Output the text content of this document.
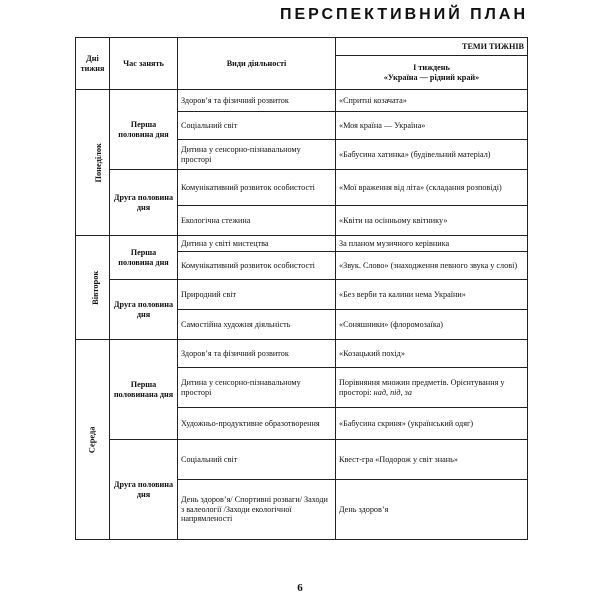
ПЕРСПЕКТИВНИЙ ПЛАН
Дні тижня	Час занять	Види діяльності	ТЕМИ ТИЖНІВ

			І тиждень
«Україна — рідний край»

Понеділок	Перша половина дня	Здоров’я та фізичний розвиток	«Спритні козачата»
		Соціальний світ	«Моя країна — Україна»
		Дитина у сенсорно-пізнавальному просторі	«Бабусина хатинка» (будівельний матеріал)
	Друга половина дня	Комунікативний розвиток особистості	«Мої враження від літа» (складання розповіді)
		Екологічна стежина	«Квіти на осінньому квітнику»
Вівторок	Перша половина дня	Дитина у світі мистецтва	За планом музичного керівника
		Комунікативний розвиток особистості	«Звук. Слово» (знаходження певного звука у слові)
	Друга половина дня	Природний світ	«Без верби та калини нема України»
		Самостійна художня діяльність	«Соняшники» (флоромозаїка)
Середа	Перша половинана дня	Здоров’я та фізичний розвиток	«Козацький похід»
		Дитина у сенсорно-пізнавальному просторі	Порівняння множин предметів. Орієнтування у просторі: над, під, за
		Художньо-продуктивне образотворення	«Бабусина скриня» (український одяг)
	Друга половина дня	Соціальний світ	Квест-гра «Подорож у світ знань»
		День здоров’я/ Спортивні розваги/ Заходи з валеології /Заходи екологічної напрямленості	День здоров’я
6
